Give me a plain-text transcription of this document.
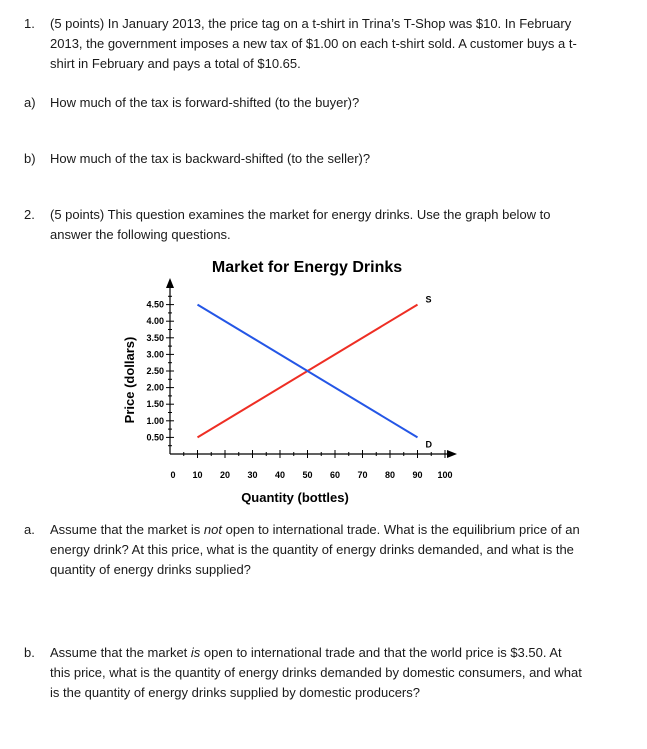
1. (5 points) In January 2013, the price tag on a t-shirt in Trina’s T-Shop was $10. In February 2013, the government imposes a new tax of $1.00 on each t-shirt sold. A customer buys a t-shirt in February and pays a total of $10.65.
a) How much of the tax is forward-shifted (to the buyer)?
b) How much of the tax is backward-shifted (to the seller)?
2. (5 points) This question examines the market for energy drinks. Use the graph below to answer the following questions.
Market for Energy Drinks
0.50
1.00
1.50
2.00
2.50
3.00
3.50
4.00
4.50
0 10 20 30 40 50 60 70 80 90 100
S
D
Quantity (bottles)
Price (dollars)
a. Assume that the market is not open to international trade. What is the equilibrium price of an energy drink? At this price, what is the quantity of energy drinks demanded, and what is the quantity of energy drinks supplied?
b. Assume that the market is open to international trade and that the world price is $3.50. At this price, what is the quantity of energy drinks demanded by domestic consumers, and what is the quantity of energy drinks supplied by domestic producers?
